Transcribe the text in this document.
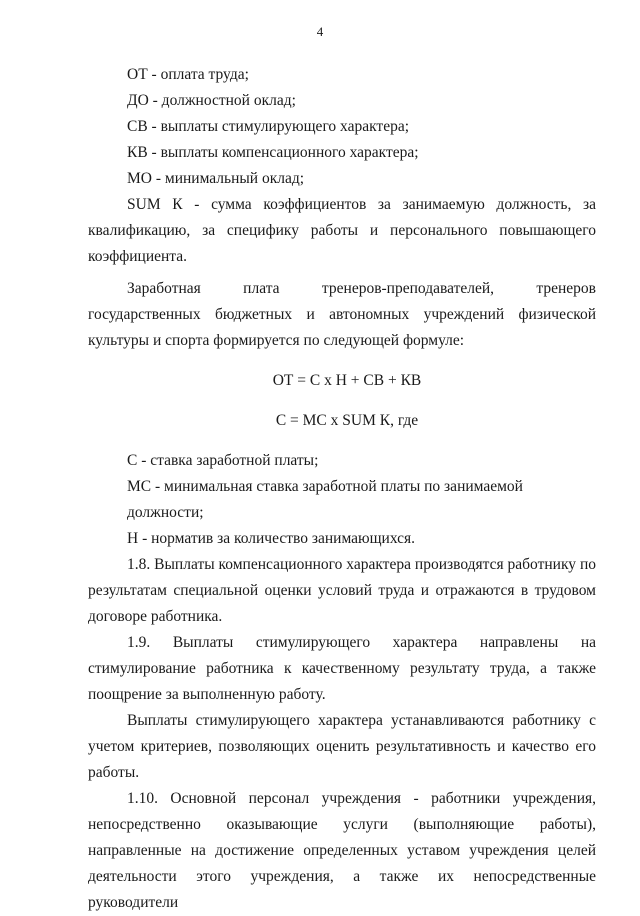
4
ОТ - оплата труда;
ДО - должностной оклад;
СВ - выплаты стимулирующего характера;
КВ - выплаты компенсационного характера;
МО - минимальный оклад;

SUM К - сумма коэффициентов за занимаемую должность, за квалификацию, за специфику работы и персонального повышающего коэффициента.

Заработная плата тренеров-преподавателей, тренеров государственных бюджетных и автономных учреждений физической культуры и спорта формируется по следующей формуле:

ОТ = С х Н + СВ + КВ
С = МС х SUM К, где
С - ставка заработной платы;
МС - минимальная ставка заработной платы по занимаемой должности;
Н - норматив за количество занимающихся.

1.8. Выплаты компенсационного характера производятся работнику по результатам специальной оценки условий труда и отражаются в трудовом договоре работника.

1.9. Выплаты стимулирующего характера направлены на стимулирование работника к качественному результату труда, а также поощрение за выполненную работу.

Выплаты стимулирующего характера устанавливаются работнику с учетом критериев, позволяющих оценить результативность и качество его работы.

1.10. Основной персонал учреждения - работники учреждения, непосредственно оказывающие услуги (выполняющие работы), направленные на достижение определенных уставом учреждения целей деятельности этого учреждения, а также их непосредственные руководители
